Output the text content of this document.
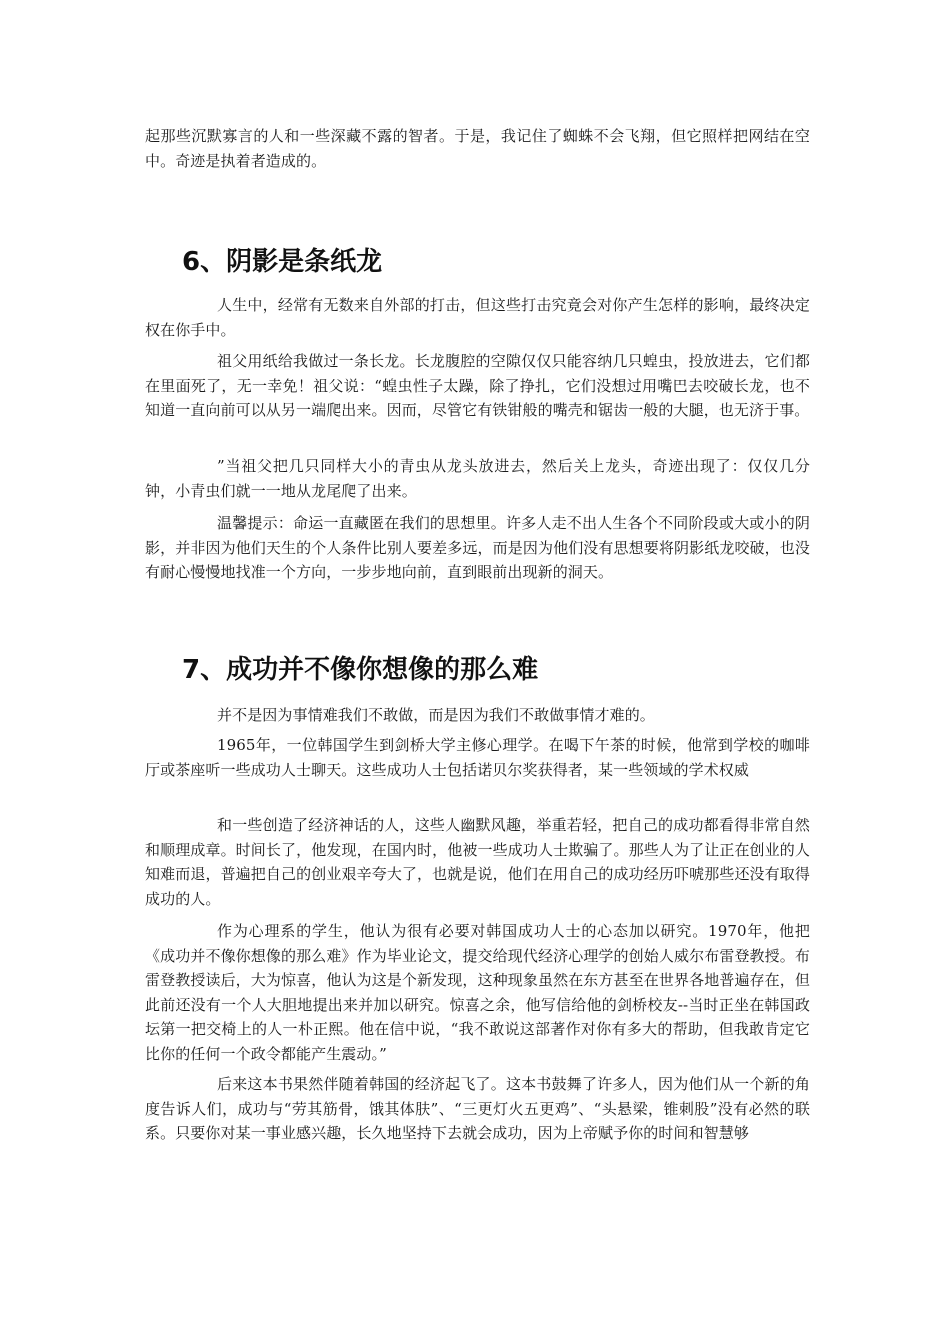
起那些沉默寡言的人和一些深藏不露的智者。于是，我记住了蜘蛛不会飞翔，但它照样把网结在空中。奇迹是执着者造成的。

6、阴影是条纸龙

人生中，经常有无数来自外部的打击，但这些打击究竟会对你产生怎样的影响，最终决定权在你手中。

祖父用纸给我做过一条长龙。长龙腹腔的空隙仅仅只能容纳几只蝗虫，投放进去，它们都在里面死了，无一幸免！祖父说：“蝗虫性子太躁，除了挣扎，它们没想过用嘴巴去咬破长龙，也不知道一直向前可以从另一端爬出来。因而，尽管它有铁钳般的嘴壳和锯齿一般的大腿，也无济于事。

”当祖父把几只同样大小的青虫从龙头放进去，然后关上龙头，奇迹出现了：仅仅几分钟，小青虫们就一一地从龙尾爬了出来。

温馨提示：命运一直藏匿在我们的思想里。许多人走不出人生各个不同阶段或大或小的阴影，并非因为他们天生的个人条件比别人要差多远，而是因为他们没有思想要将阴影纸龙咬破，也没有耐心慢慢地找准一个方向，一步步地向前，直到眼前出现新的洞天。

7、成功并不像你想像的那么难

并不是因为事情难我们不敢做，而是因为我们不敢做事情才难的。

1965年，一位韩国学生到剑桥大学主修心理学。在喝下午茶的时候，他常到学校的咖啡厅或茶座听一些成功人士聊天。这些成功人士包括诺贝尔奖获得者，某一些领域的学术权威

和一些创造了经济神话的人，这些人幽默风趣，举重若轻，把自己的成功都看得非常自然和顺理成章。时间长了，他发现，在国内时，他被一些成功人士欺骗了。那些人为了让正在创业的人知难而退，普遍把自己的创业艰辛夸大了，也就是说，他们在用自己的成功经历吓唬那些还没有取得成功的人。

作为心理系的学生，他认为很有必要对韩国成功人士的心态加以研究。1970年，他把《成功并不像你想像的那么难》作为毕业论文，提交给现代经济心理学的创始人威尔布雷登教授。布雷登教授读后，大为惊喜，他认为这是个新发现，这种现象虽然在东方甚至在世界各地普遍存在，但此前还没有一个人大胆地提出来并加以研究。惊喜之余，他写信给他的剑桥校友--当时正坐在韩国政坛第一把交椅上的人一朴正熙。他在信中说，“我不敢说这部著作对你有多大的帮助，但我敢肯定它比你的任何一个政令都能产生震动。”

后来这本书果然伴随着韩国的经济起飞了。这本书鼓舞了许多人，因为他们从一个新的角度告诉人们，成功与“劳其筋骨，饿其体肤”、“三更灯火五更鸡”、“头悬梁，锥刺股”没有必然的联系。只要你对某一事业感兴趣，长久地坚持下去就会成功，因为上帝赋予你的时间和智慧够
